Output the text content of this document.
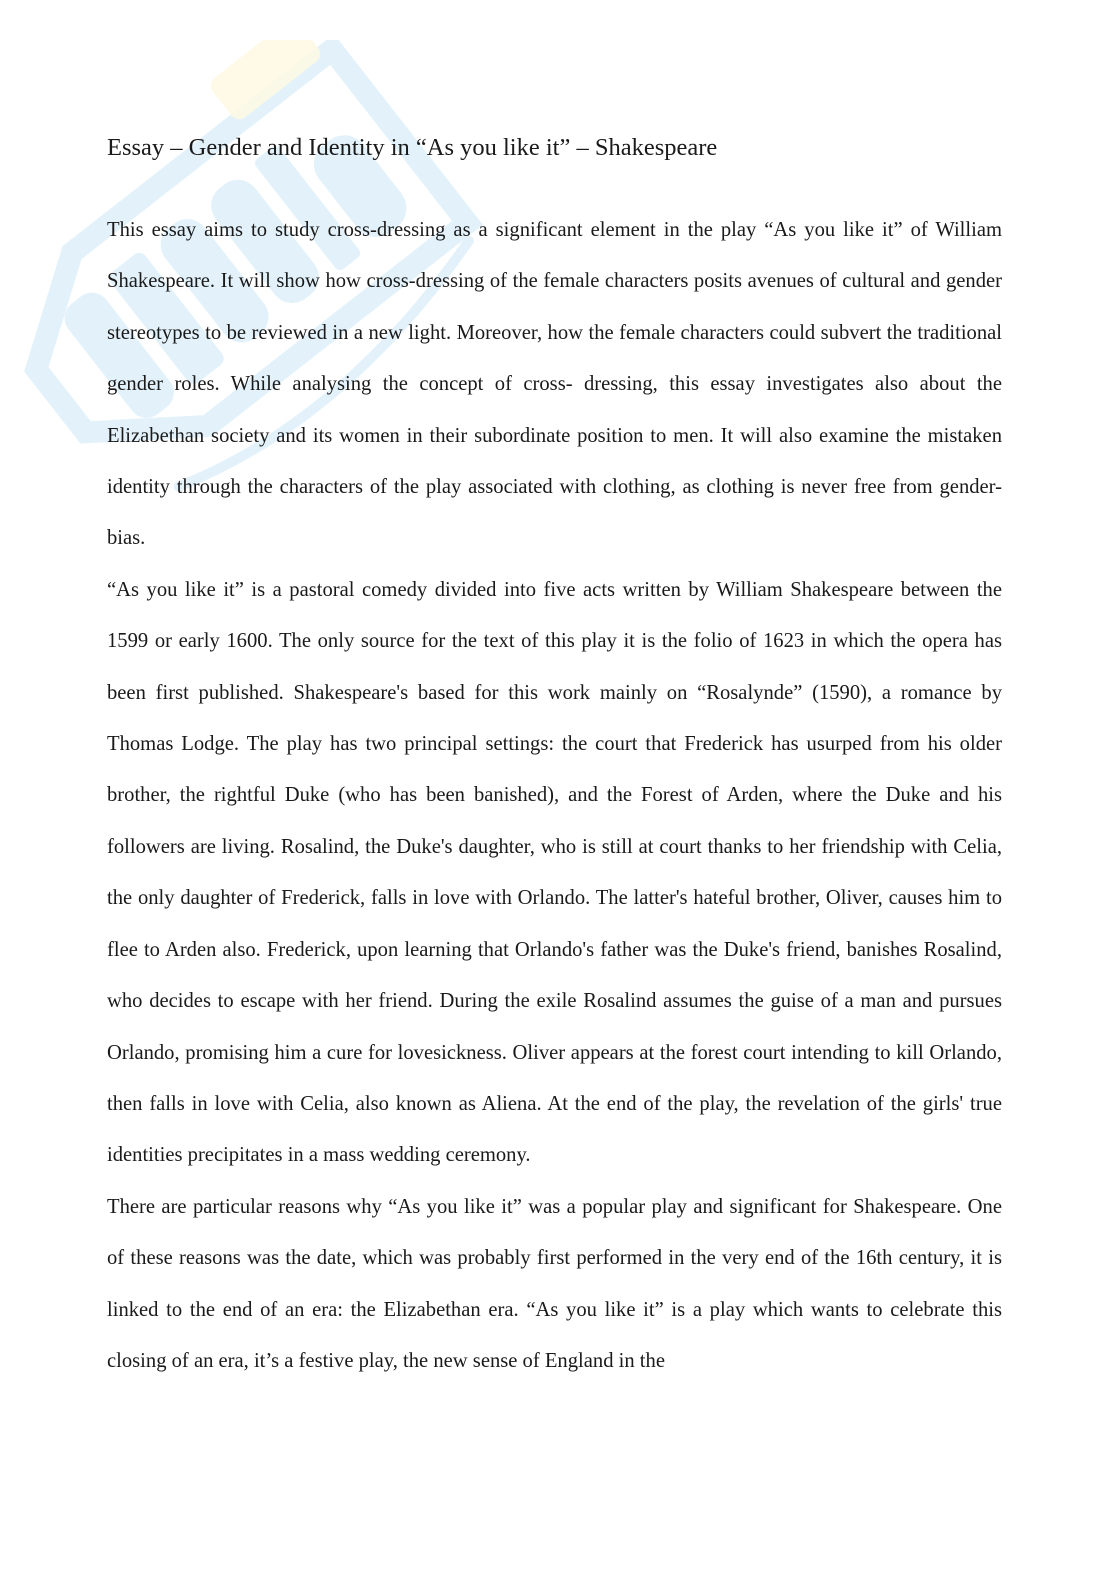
Essay – Gender and Identity in “As you like it” – Shakespeare

This essay aims to study cross-dressing as a significant element in the play “As you like it” of William Shakespeare. It will show how cross-dressing of the female characters posits avenues of cultural and gender stereotypes to be reviewed in a new light. Moreover, how the female characters could subvert the traditional gender roles. While analysing the concept of cross- dressing, this essay investigates also about the Elizabethan society and its women in their subordinate position to men. It will also examine the mistaken identity through the characters of the play associated with clothing, as clothing is never free from gender-bias.

“As you like it” is a pastoral comedy divided into five acts written by William Shakespeare between the 1599 or early 1600. The only source for the text of this play it is the folio of 1623 in which the opera has been first published. Shakespeare's based for this work mainly on “Rosalynde” (1590), a romance by Thomas Lodge. The play has two principal settings: the court that Frederick has usurped from his older brother, the rightful Duke (who has been banished), and the Forest of Arden, where the Duke and his followers are living. Rosalind, the Duke's daughter, who is still at court thanks to her friendship with Celia, the only daughter of Frederick, falls in love with Orlando. The latter's hateful brother, Oliver, causes him to flee to Arden also. Frederick, upon learning that Orlando's father was the Duke's friend, banishes Rosalind, who decides to escape with her friend. During the exile Rosalind assumes the guise of a man and pursues Orlando, promising him a cure for lovesickness. Oliver appears at the forest court intending to kill Orlando, then falls in love with Celia, also known as Aliena. At the end of the play, the revelation of the girls' true identities precipitates in a mass wedding ceremony.

There are particular reasons why “As you like it” was a popular play and significant for Shakespeare. One of these reasons was the date, which was probably first performed in the very end of the 16th century, it is linked to the end of an era: the Elizabethan era. “As you like it” is a play which wants to celebrate this closing of an era, it’s a festive play, the new sense of England in the
